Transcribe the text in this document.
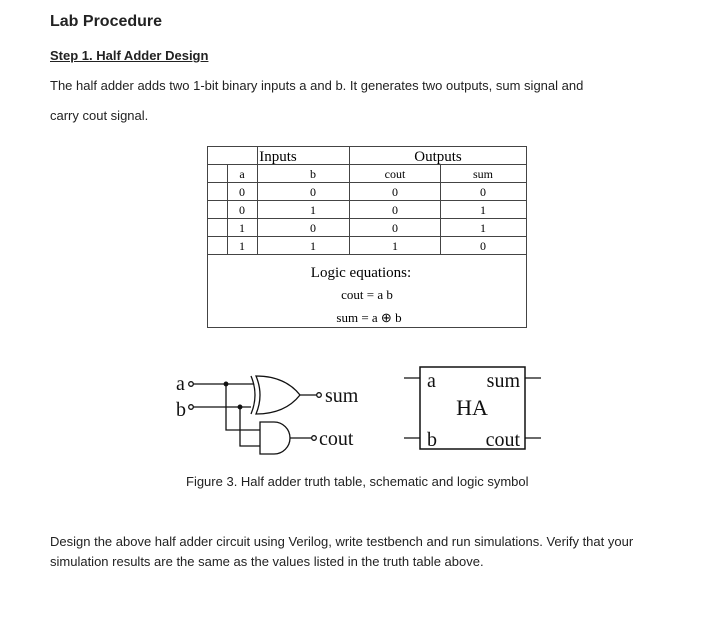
Lab Procedure
Step 1. Half Adder Design
The half adder adds two 1-bit binary inputs a and b. It generates two outputs, sum signal and
carry cout signal.
Inputs	Outputs
a	b	cout	sum
0	0	0	0
0	1	0	1
1	0	0	1
1	1	1	0
Logic equations:
cout = a b
sum = a ⊕ b
a
b
sum
cout
a
b
sum
cout
HA
Figure 3. Half adder truth table, schematic and logic symbol
Design the above half adder circuit using Verilog, write testbench and run simulations. Verify that your simulation results are the same as the values listed in the truth table above.
